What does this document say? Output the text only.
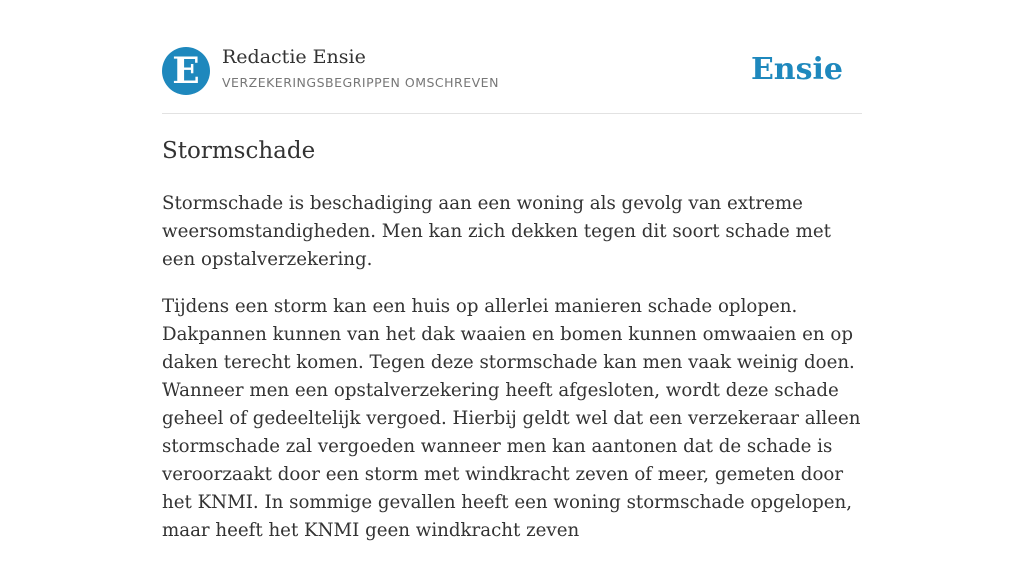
E Redactie Ensie
VERZEKERINGSBEGRIPPEN OMSCHREVEN	Ensie
Stormschade

Stormschade is beschadiging aan een woning als gevolg van extreme weersomstandigheden. Men kan zich dekken tegen dit soort schade met een opstalverzekering.

Tijdens een storm kan een huis op allerlei manieren schade oplopen. Dakpannen kunnen van het dak waaien en bomen kunnen omwaaien en op daken terecht komen. Tegen deze stormschade kan men vaak weinig doen. Wanneer men een opstalverzekering heeft afgesloten, wordt deze schade geheel of gedeeltelijk vergoed. Hierbij geldt wel dat een verzekeraar alleen stormschade zal vergoeden wanneer men kan aantonen dat de schade is veroorzaakt door een storm met windkracht zeven of meer, gemeten door het KNMI. In sommige gevallen heeft een woning stormschade opgelopen, maar heeft het KNMI geen windkracht zeven
